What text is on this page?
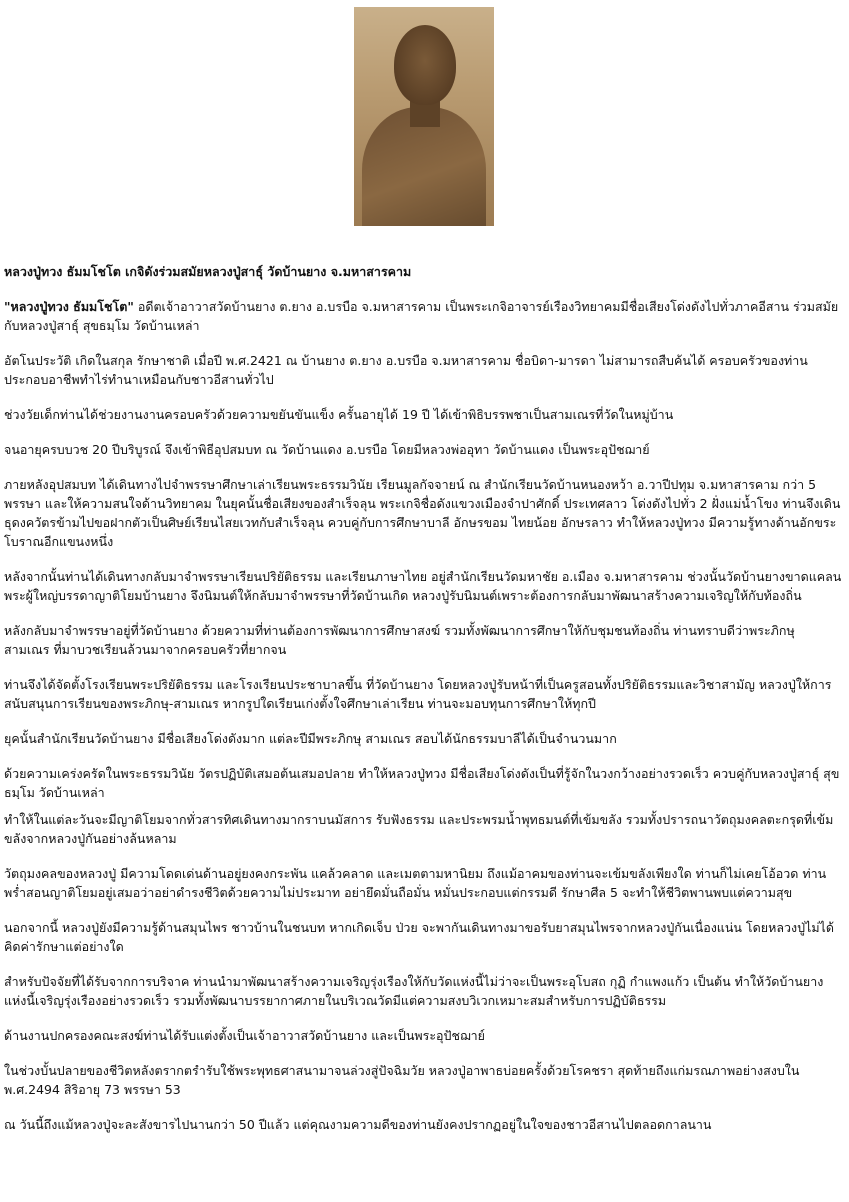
หลวงปู่ทวง ธัมมโชโต เกจิดังร่วมสมัยหลวงปู่สาธุ์ วัดบ้านยาง จ.มหาสารคาม

"หลวงปู่ทวง ธัมมโชโต" อดีตเจ้าอาวาสวัดบ้านยาง ต.ยาง อ.บรบือ จ.มหาสารคาม เป็นพระเกจิอาจารย์เรืองวิทยาคมมีชื่อเสียงโด่งดังไปทั่วภาคอีสาน ร่วมสมัยกับหลวงปู่สาธุ์ สุขธมฺโม วัดบ้านเหล่า

อัตโนประวัติ เกิดในสกุล รักษาชาติ เมื่อปี พ.ศ.2421 ณ บ้านยาง ต.ยาง อ.บรบือ จ.มหาสารคาม ชื่อบิดา-มารดา ไม่สามารถสืบค้นได้ ครอบครัวของท่านประกอบอาชีพทำไร่ทำนาเหมือนกับชาวอีสานทั่วไป

ช่วงวัยเด็กท่านได้ช่วยงานงานครอบครัวด้วยความขยันขันแข็ง ครั้นอายุได้ 19 ปี ได้เข้าพิธิบรรพชาเป็นสามเณรที่วัดในหมู่บ้าน

จนอายุครบบวช 20 ปีบริบูรณ์ จึงเข้าพิธีอุปสมบท ณ วัดบ้านแดง อ.บรบือ โดยมีหลวงพ่ออุทา วัดบ้านแดง เป็นพระอุปัชฌาย์

ภายหลังอุปสมบท ได้เดินทางไปจำพรรษาศึกษาเล่าเรียนพระธรรมวินัย เรียนมูลกัจจายน์ ณ สำนักเรียนวัดบ้านหนองหว้า อ.วาปีปทุม จ.มหาสารคาม กว่า 5 พรรษา และให้ความสนใจด้านวิทยาคม ในยุคนั้นชื่อเสียงของสำเร็จลุน พระเกจิชื่อดังแขวงเมืองจำปาศักดิ์ ประเทศลาว โด่งดังไปทั่ว 2 ฝั่งแม่น้ำโขง ท่านจึงเดินธุดงควัตรข้ามไปขอฝากตัวเป็นศิษย์เรียนไสยเวทกับสำเร็จลุน ควบคู่กับการศึกษาบาลี อักษรขอม ไทยน้อย อักษรลาว ทำให้หลวงปู่ทวง มีความรู้ทางด้านอักขระโบราณอีกแขนงหนึ่ง

หลังจากนั้นท่านได้เดินทางกลับมาจำพรรษาเรียนปริยัติธรรม และเรียนภาษาไทย อยู่สำนักเรียนวัดมหาชัย อ.เมือง จ.มหาสารคาม ช่วงนั้นวัดบ้านยางขาดแคลนพระผู้ใหญ่บรรดาญาติโยมบ้านยาง จึงนิมนต์ให้กลับมาจำพรรษาที่วัดบ้านเกิด หลวงปู่รับนิมนต์เพราะต้องการกลับมาพัฒนาสร้างความเจริญให้กับท้องถิ่น

หลังกลับมาจำพรรษาอยู่ที่วัดบ้านยาง ด้วยความที่ท่านต้องการพัฒนาการศึกษาสงฆ์ รวมทั้งพัฒนาการศึกษาให้กับชุมชนท้องถิ่น ท่านทราบดีว่าพระภิกษุ สามเณร ที่มาบวชเรียนล้วนมาจากครอบครัวที่ยากจน

ท่านจึงได้จัดตั้งโรงเรียนพระปริยัติธรรม และโรงเรียนประชาบาลขึ้น ที่วัดบ้านยาง โดยหลวงปู่รับหน้าที่เป็นครูสอนทั้งปริยัติธรรมและวิชาสามัญ หลวงปู่ให้การสนับสนุนการเรียนของพระภิกษุ-สามเณร หากรูปใดเรียนเก่งตั้งใจศึกษาเล่าเรียน ท่านจะมอบทุนการศึกษาให้ทุกปี

ยุคนั้นสำนักเรียนวัดบ้านยาง มีชื่อเสียงโด่งดังมาก แต่ละปีมีพระภิกษุ สามเณร สอบได้นักธรรมบาลีได้เป็นจำนวนมาก

ด้วยความเคร่งครัดในพระธรรมวินัย วัตรปฏิบัติเสมอต้นเสมอปลาย ทำให้หลวงปู่ทวง มีชื่อเสียงโด่งดังเป็นที่รู้จักในวงกว้างอย่างรวดเร็ว ควบคู่กับหลวงปู่สาธุ์ สุขธมฺโม วัดบ้านเหล่า

ทำให้ในแต่ละวันจะมีญาติโยมจากทั่วสารทิศเดินทางมากราบนมัสการ รับฟังธรรม และประพรมน้ำพุทธมนต์ที่เข้มขลัง รวมทั้งปรารถนาวัตถุมงคลตะกรุดที่เข้มขลังจากหลวงปู่กันอย่างล้นหลาม

วัตถุมงคลของหลวงปู่ มีความโดดเด่นด้านอยู่ยงคงกระพัน แคล้วคลาด และเมตตามหานิยม ถึงแม้อาคมของท่านจะเข้มขลังเพียงใด ท่านก็ไม่เคยโอ้อวด ท่านพร่ำสอนญาติโยมอยู่เสมอว่าอย่าดำรงชีวิตด้วยความไม่ประมาท อย่ายึดมั่นถือมั่น หมั่นประกอบแต่กรรมดี รักษาศีล 5 จะทำให้ชีวิตพานพบแต่ความสุข

นอกจากนี้ หลวงปู่ยังมีความรู้ด้านสมุนไพร ชาวบ้านในชนบท หากเกิดเจ็บ ป่วย จะพากันเดินทางมาขอรับยาสมุนไพรจากหลวงปู่กันเนื่องแน่น โดยหลวงปู่ไม่ได้คิดค่ารักษาแต่อย่างใด

สำหรับปัจจัยที่ได้รับจากการบริจาค ท่านนำมาพัฒนาสร้างความเจริญรุ่งเรืองให้กับวัดแห่งนี้ไม่ว่าจะเป็นพระอุโบสถ กุฏิ กำแพงแก้ว เป็นต้น ทำให้วัดบ้านยางแห่งนี้เจริญรุ่งเรืองอย่างรวดเร็ว รวมทั้งพัฒนาบรรยากาศภายในบริเวณวัดมีแต่ความสงบวิเวกเหมาะสมสำหรับการปฏิบัติธรรม

ด้านงานปกครองคณะสงฆ์ท่านได้รับแต่งตั้งเป็นเจ้าอาวาสวัดบ้านยาง และเป็นพระอุปัชฌาย์

ในช่วงบั้นปลายของชีวิตหลังตรากตรำรับใช้พระพุทธศาสนามาจนล่วงสู่ปัจฉิมวัย หลวงปู่อาพาธบ่อยครั้งด้วยโรคชรา สุดท้ายถึงแก่มรณภาพอย่างสงบใน พ.ศ.2494 สิริอายุ 73 พรรษา 53

ณ วันนี้ถึงแม้หลวงปู่จะละสังขารไปนานกว่า 50 ปีแล้ว แต่คุณงามความดีของท่านยังคงปรากฏอยู่ในใจของชาวอีสานไปตลอดกาลนาน
